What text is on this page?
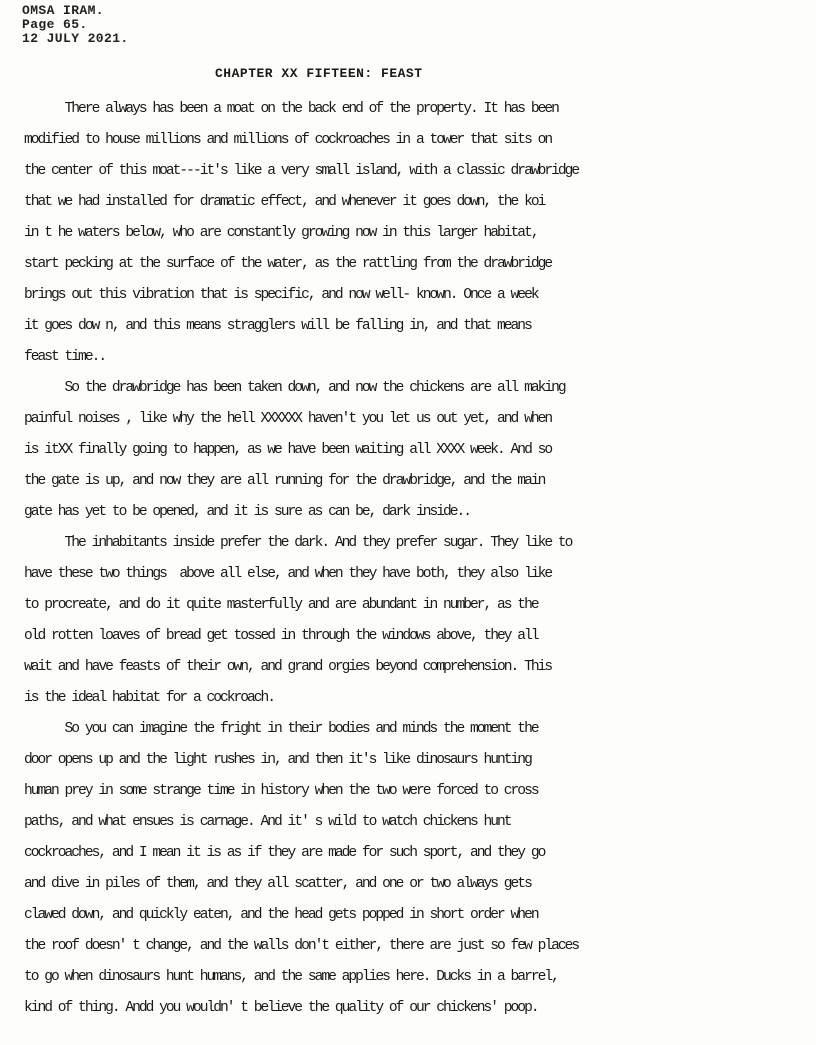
OMSA IRAM.
Page 65.
12 JULY 2021.
CHAPTER XX FIFTEEN: FEAST
There always has been a moat on the back end of the property. It has been
modified to house millions and millions of cockroaches in a tower that sits on
the center of this moat---it's like a very small island, with a classic drawbridge
that we had installed for dramatic effect, and whenever it goes down, the koi
in t he waters below, who are constantly growing now in this larger habitat,
start pecking at the surface of the water, as the rattling from the drawbridge
brings out this vibration that is specific, and now well- known. Once a week
it goes dow n, and this means stragglers will be falling in, and that means
feast time..
So the drawbridge has been taken down, and now the chickens are all making
painful noises , like why the hell XXXXXX haven't you let us out yet, and when
is itXX finally going to happen, as we have been waiting all XXXX week. And so
the gate is up, and now they are all running for the drawbridge, and the main
gate has yet to be opened, and it is sure as can be, dark inside..
The inhabitants inside prefer the dark. And they prefer sugar. They like to
have these two things  above all else, and when they have both, they also like
to procreate, and do it quite masterfully and are abundant in number, as the
old rotten loaves of bread get tossed in through the windows above, they all
wait and have feasts of their own, and grand orgies beyond comprehension. This
is the ideal habitat for a cockroach.
So you can imagine the fright in their bodies and minds the moment the
door opens up and the light rushes in, and then it's like dinosaurs hunting
human prey in some strange time in history when the two were forced to cross
paths, and what ensues is carnage. And it' s wild to watch chickens hunt
cockroaches, and I mean it is as if they are made for such sport, and they go
and dive in piles of them, and they all scatter, and one or two always gets
clawed down, and quickly eaten, and the head gets popped in short order when
the roof doesn' t change, and the walls don't either, there are just so few places
to go when dinosaurs hunt humans, and the same applies here. Ducks in a barrel,
kind of thing. Andd you wouldn' t believe the quality of our chickens' poop.
